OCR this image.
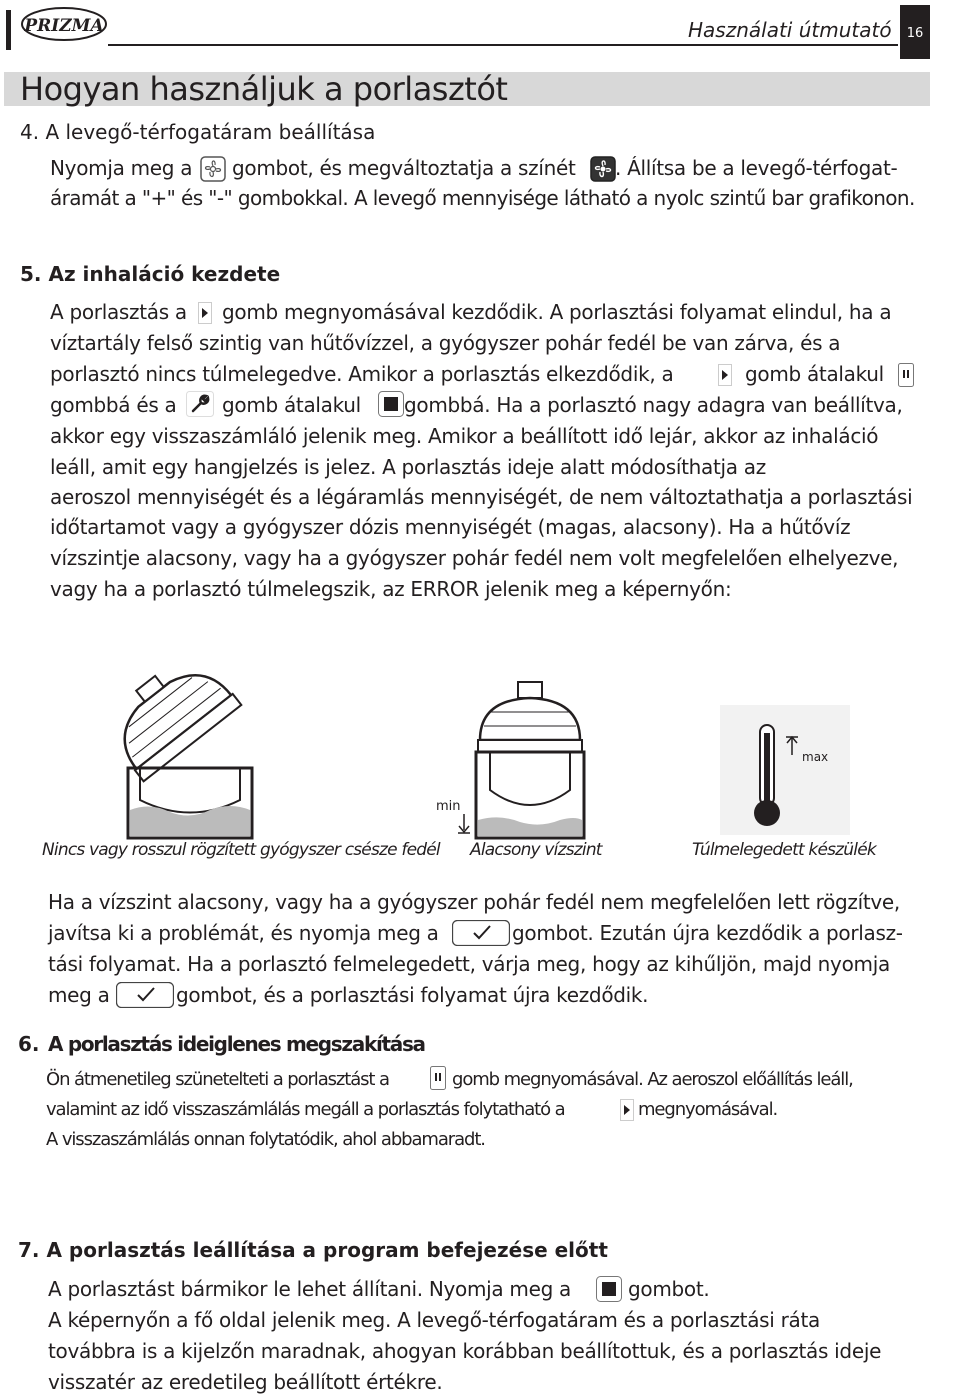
PRIZMA	Használati útmutató	16
Hogyan használjuk a porlasztót
4. A levegő-térfogatáram beállítása
Nyomja meg a gombot, és megváltoztatja a színét . Állítsa be a levegő-térfogat-
áramát a "+" és "-" gombokkal. A levegő mennyisége látható a nyolc szintű bar grafikonon.
5. Az inhaláció kezdete
A porlasztás a gomb megnyomásával kezdődik. A porlasztási folyamat elindul, ha a
víztartály felső szintig van hűtővízzel, a gyógyszer pohár fedél be van zárva, és a
porlasztó nincs túlmelegedve. Amikor a porlasztás elkezdődik, a	gomb átalakul
gombbá és a gomb átalakul gombbá. Ha a porlasztó nagy adagra van beállítva,
akkor egy visszaszámláló jelenik meg. Amikor a beállított idő lejár, akkor az inhaláció
leáll, amit egy hangjelzés is jelez. A porlasztás ideje alatt módosíthatja az
aeroszol mennyiségét és a légáramlás mennyiségét, de nem változtathatja a porlasztási
időtartamot vagy a gyógyszer dózis mennyiségét (magas, alacsony). Ha a hűtővíz
vízszintje alacsony, vagy ha a gyógyszer pohár fedél nem volt megfelelően elhelyezve,
vagy ha a porlasztó túlmelegszik, az ERROR jelenik meg a képernyőn:
Nincs vagy rosszul rögzített gyógyszer csésze fedél
min
Alacsony vízszint
max
Túlmelegedett készülék
Ha a vízszint alacsony, vagy ha a gyógyszer pohár fedél nem megfelelően lett rögzítve,
javítsa ki a problémát, és nyomja meg a	gombot. Ezután újra kezdődik a porlasz-
tási folyamat. Ha a porlasztó felmelegedett, várja meg, hogy az kihűljön, majd nyomja
meg a	gombot, és a porlasztási folyamat újra kezdődik.
6. A porlasztás ideiglenes megszakítása
Ön átmenetileg szünetelteti a porlasztást a	gomb megnyomásával. Az aeroszol előállítás leáll,
valamint az idő visszaszámlálás megáll a porlasztás folytatható a	megnyomásával.
A visszaszámlálás onnan folytatódik, ahol abbamaradt.
7. A porlasztás leállítása a program befejezése előtt
A porlasztást bármikor le lehet állítani. Nyomja meg a	gombot.
A képernyőn a fő oldal jelenik meg. A levegő-térfogatáram és a porlasztási ráta
továbbra is a kijelzőn maradnak, ahogyan korábban beállítottuk, és a porlasztás ideje
visszatér az eredetileg beállított értékre.
